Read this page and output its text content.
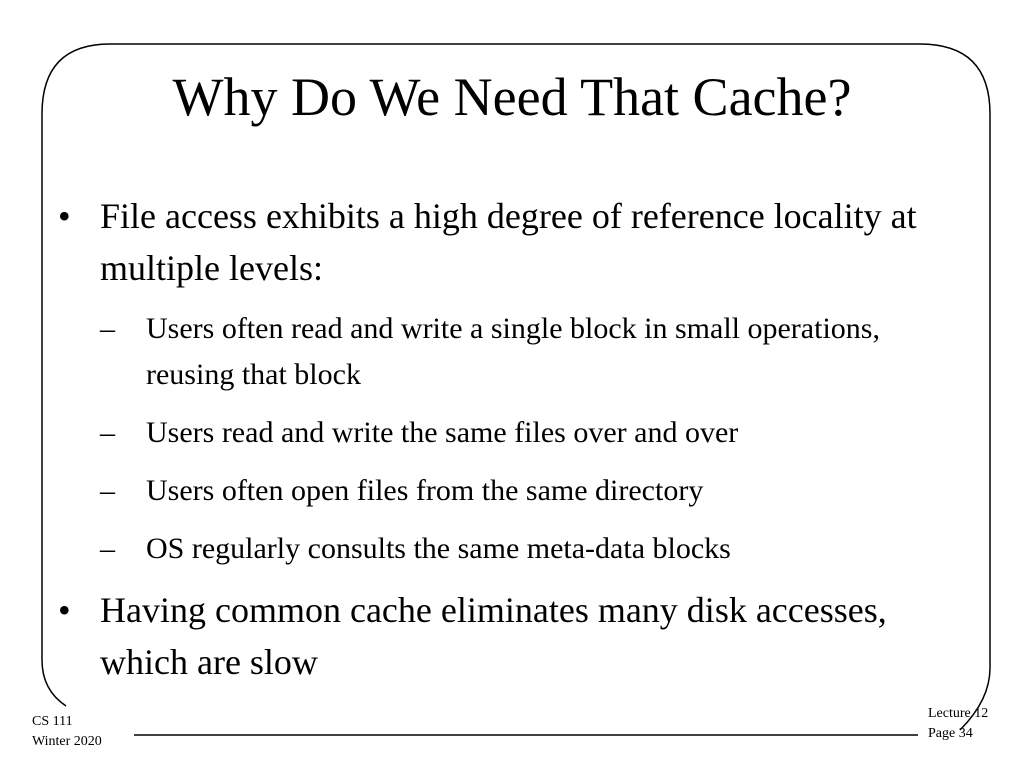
Why Do We Need That Cache?
• File access exhibits a high degree of reference locality at multiple levels:
– Users often read and write a single block in small operations, reusing that block
– Users read and write the same files over and over
– Users often open files from the same directory
– OS regularly consults the same meta-data blocks
• Having common cache eliminates many disk accesses, which are slow
CS 111
Winter 2020
Lecture 12
Page 34
